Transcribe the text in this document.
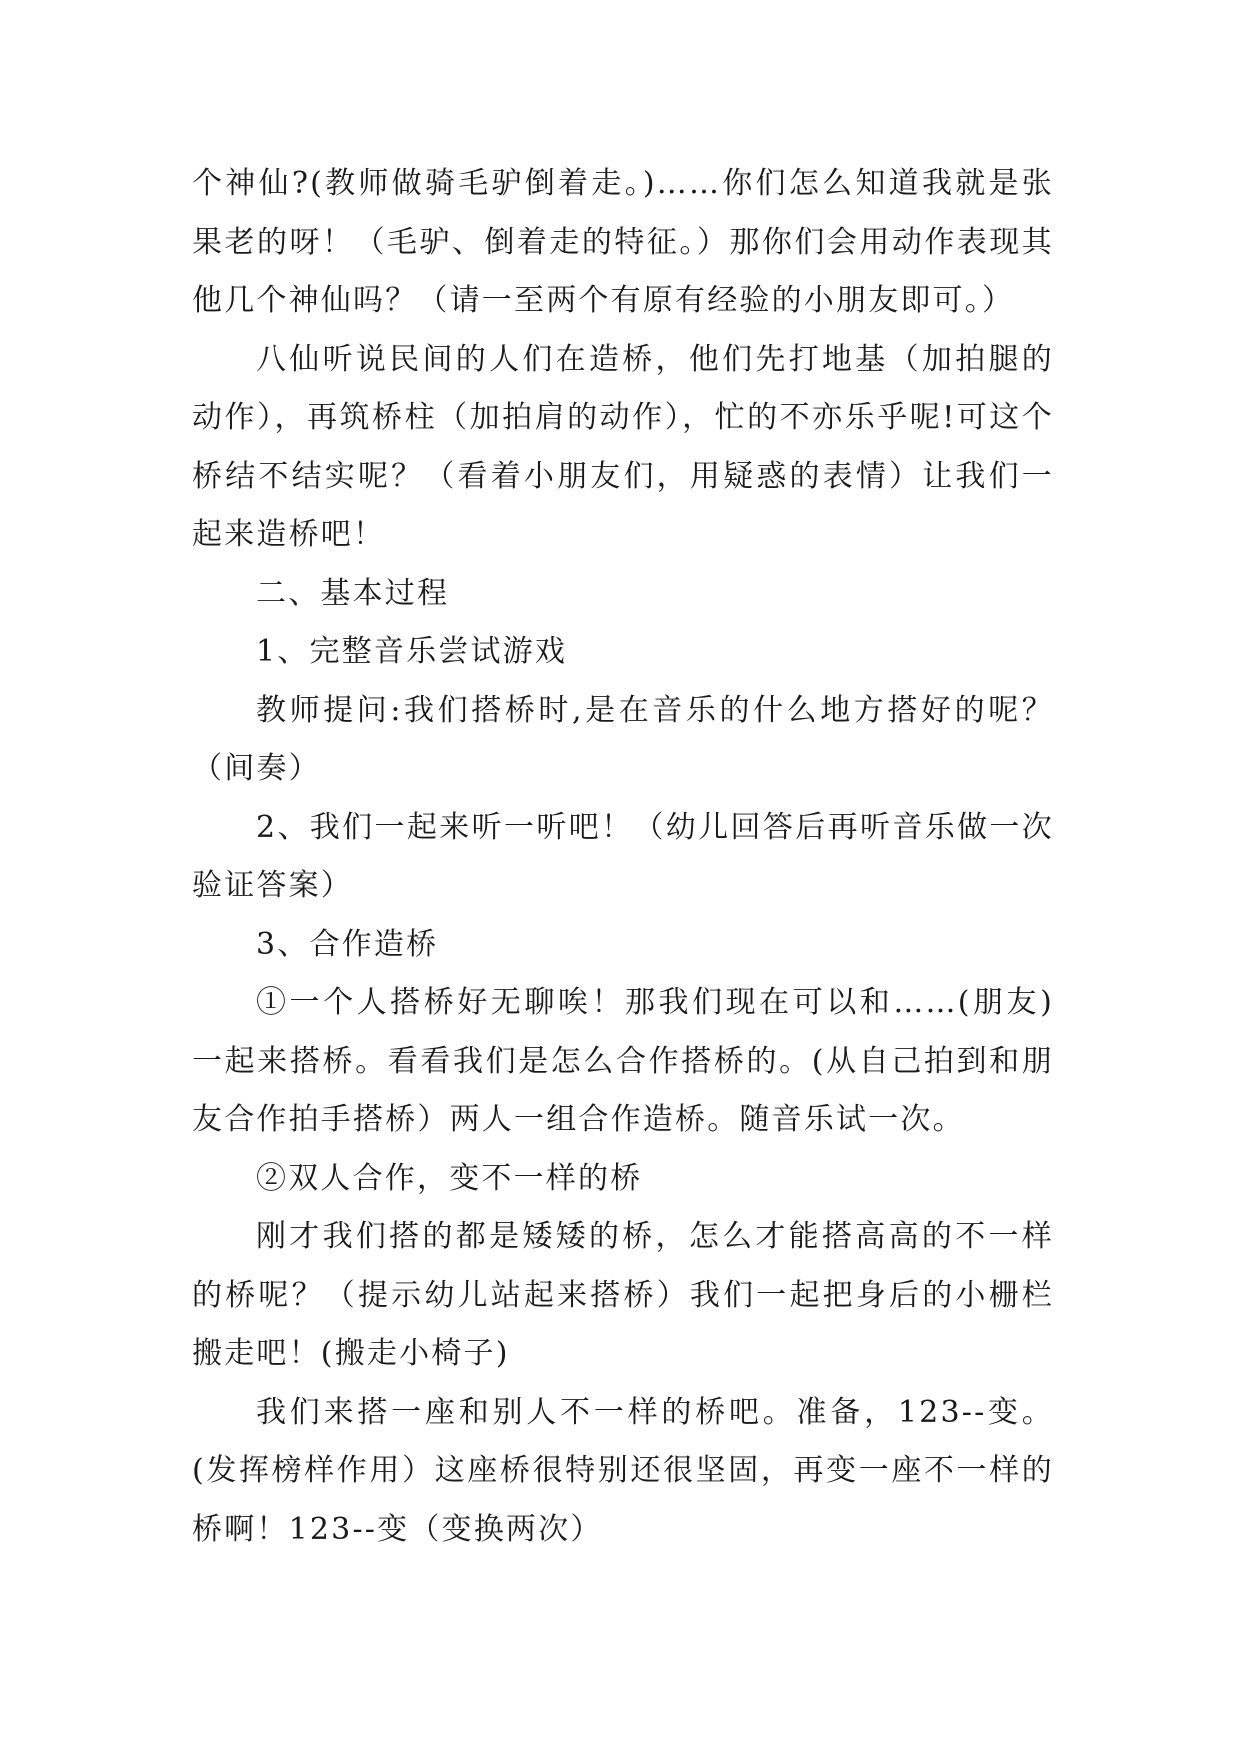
个神仙?(教师做骑毛驴倒着走。)……你们怎么知道我就是张果老的呀！（毛驴、倒着走的特征。）那你们会用动作表现其他几个神仙吗？（请一至两个有原有经验的小朋友即可。）

八仙听说民间的人们在造桥，他们先打地基（加拍腿的动作），再筑桥柱（加拍肩的动作），忙的不亦乐乎呢!可这个桥结不结实呢？（看着小朋友们，用疑惑的表情）让我们一起来造桥吧！

二、基本过程

1、完整音乐尝试游戏

教师提问:我们搭桥时,是在音乐的什么地方搭好的呢？（间奏）

2、我们一起来听一听吧！（幼儿回答后再听音乐做一次验证答案）

3、合作造桥

①一个人搭桥好无聊唉！那我们现在可以和……(朋友)一起来搭桥。看看我们是怎么合作搭桥的。(从自己拍到和朋友合作拍手搭桥）两人一组合作造桥。随音乐试一次。

②双人合作，变不一样的桥

刚才我们搭的都是矮矮的桥，怎么才能搭高高的不一样的桥呢？（提示幼儿站起来搭桥）我们一起把身后的小栅栏搬走吧！(搬走小椅子)

我们来搭一座和别人不一样的桥吧。准备，123--变。(发挥榜样作用）这座桥很特别还很坚固，再变一座不一样的桥啊！123--变（变换两次）
